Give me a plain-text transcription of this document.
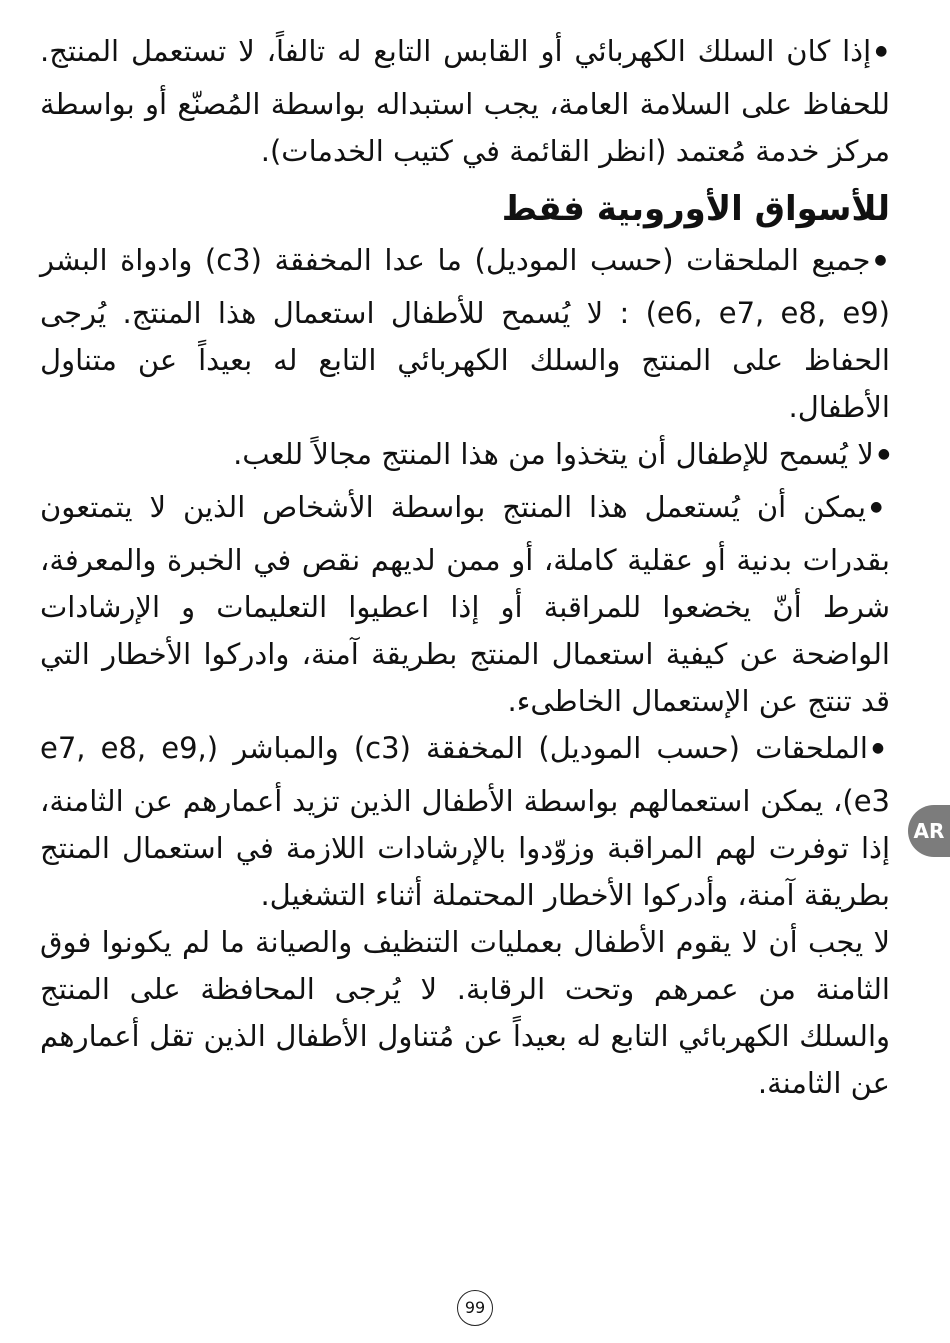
● إذا كان السلك الكهربائي أو القابس التابع له تالفاً، لا تستعمل المنتج. للحفاظ على السلامة العامة، يجب استبداله بواسطة المُصنّع أو بواسطة مركز خدمة مُعتمد (انظر القائمة في كتيب الخدمات).

للأسواق الأوروبية فقط

● جميع الملحقات (حسب الموديل) ما عدا المخفقة (c3) وادواة البشر (e6, e7, e8, e9) : لا يُسمح للأطفال استعمال هذا المنتج. يُرجى الحفاظ على المنتج والسلك الكهربائي التابع له بعيداً عن متناول الأطفال.

● لا يُسمح للإطفال أن يتخذوا من هذا المنتج مجالاً للعب.

● يمكن أن يُستعمل هذا المنتج بواسطة الأشخاص الذين لا يتمتعون بقدرات بدنية أو عقلية كاملة، أو ممن لديهم نقص في الخبرة والمعرفة، شرط أنّ يخضعوا للمراقبة أو إذا اعطيوا التعليمات و الإرشادات الواضحة عن كيفية استعمال المنتج بطريقة آمنة، وادركوا الأخطار التي قد تنتج عن الإستعمال الخاطىء.

● الملحقات (حسب الموديل) المخفقة (c3) والمباشر (e7, e8, e9, e3)، يمكن استعمالهم بواسطة الأطفال الذين تزيد أعمارهم عن الثامنة، إذا توفرت لهم المراقبة وزوّدوا بالإرشادات اللازمة في استعمال المنتج بطريقة آمنة، وأدركوا الأخطار المحتملة أثناء التشغيل.

لا يجب أن لا يقوم الأطفال بعمليات التنظيف والصيانة ما لم يكونوا فوق الثامنة من عمرهم وتحت الرقابة. لا يُرجى المحافظة على المنتج والسلك الكهربائي التابع له بعيداً عن مُتناول الأطفال الذين تقل أعمارهم عن الثامنة.

AR
99
